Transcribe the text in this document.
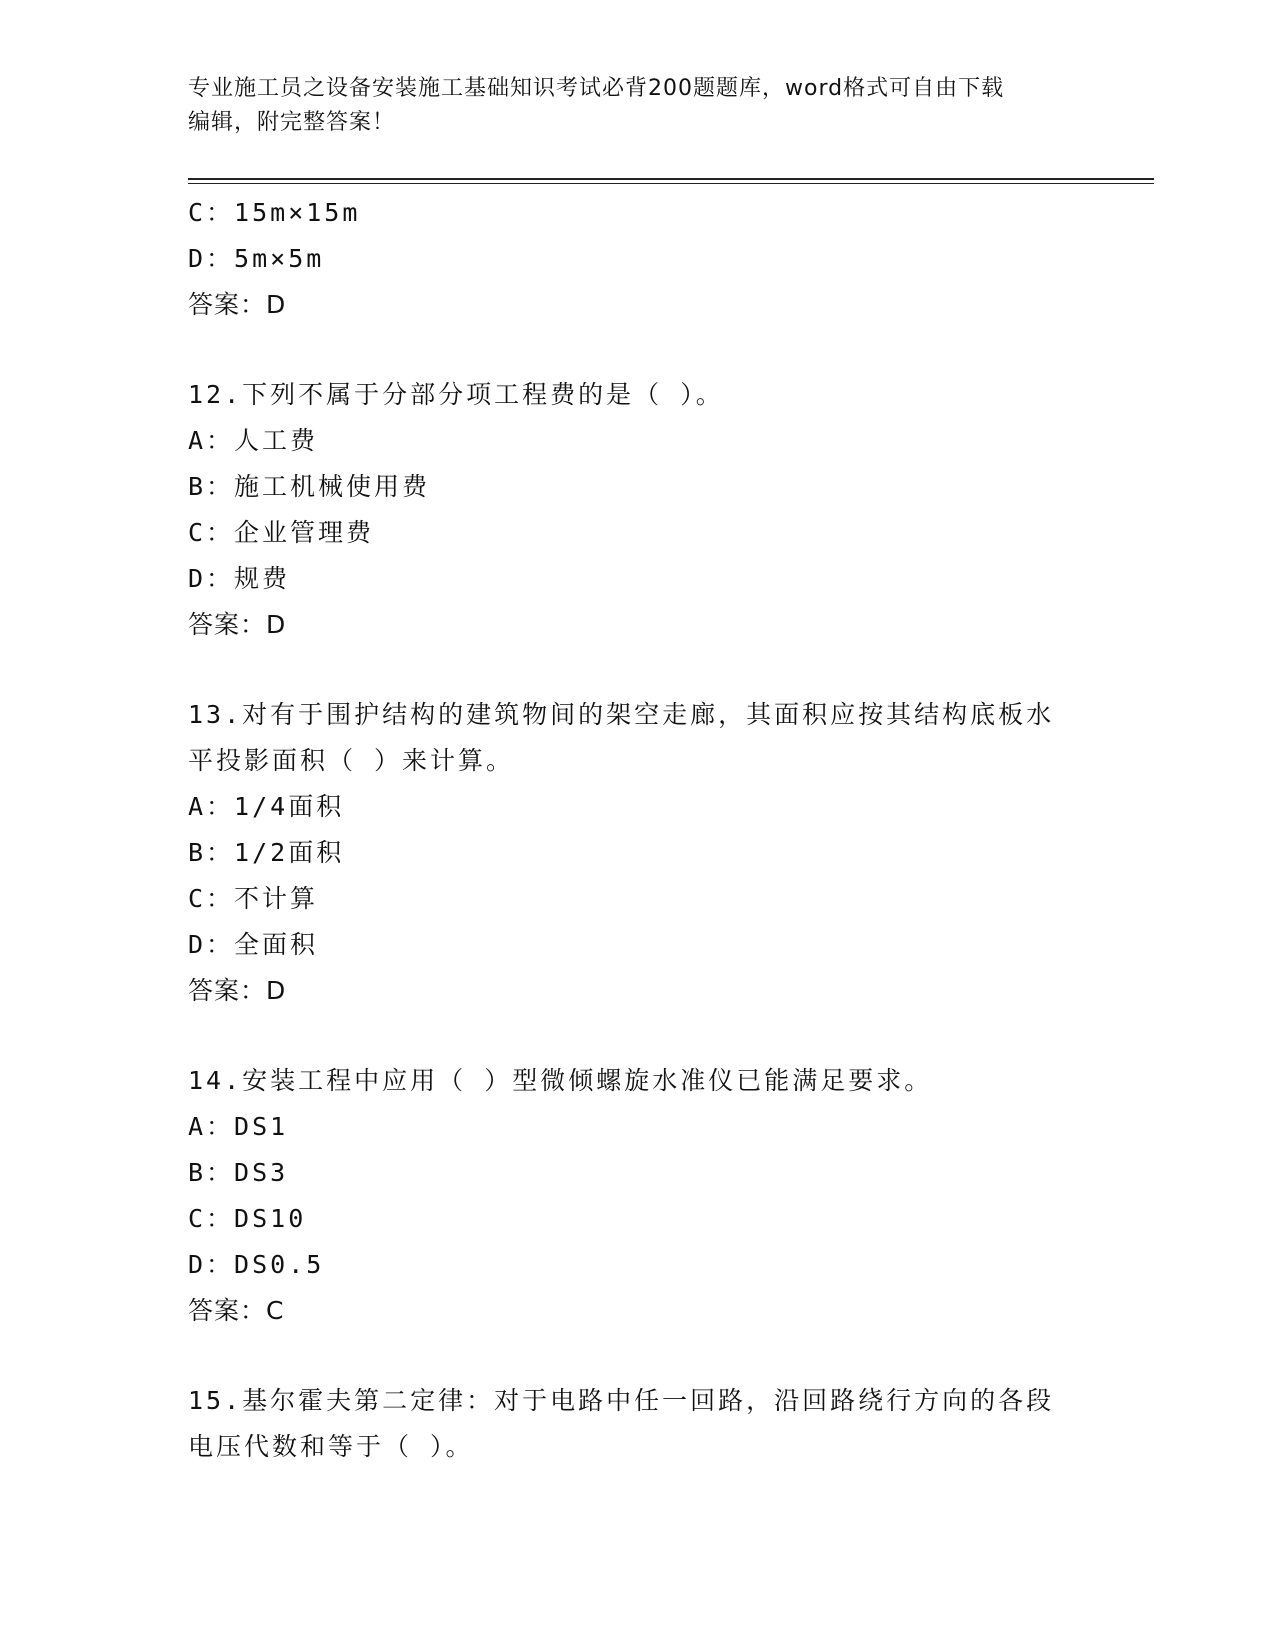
专业施工员之设备安装施工基础知识考试必背200题题库，word格式可自由下载
编辑，附完整答案！
C：15m×15m
D：5m×5m
答案：D
12.下列不属于分部分项工程费的是（ ）。
A：人工费
B：施工机械使用费
C：企业管理费
D：规费
答案：D
13.对有于围护结构的建筑物间的架空走廊，其面积应按其结构底板水
平投影面积（ ）来计算。
A：1/4面积
B：1/2面积
C：不计算
D：全面积
答案：D
14.安装工程中应用（ ）型微倾螺旋水准仪已能满足要求。
A：DS1
B：DS3
C：DS10
D：DS0.5
答案：C
15.基尔霍夫第二定律：对于电路中任一回路，沿回路绕行方向的各段
电压代数和等于（ ）。
